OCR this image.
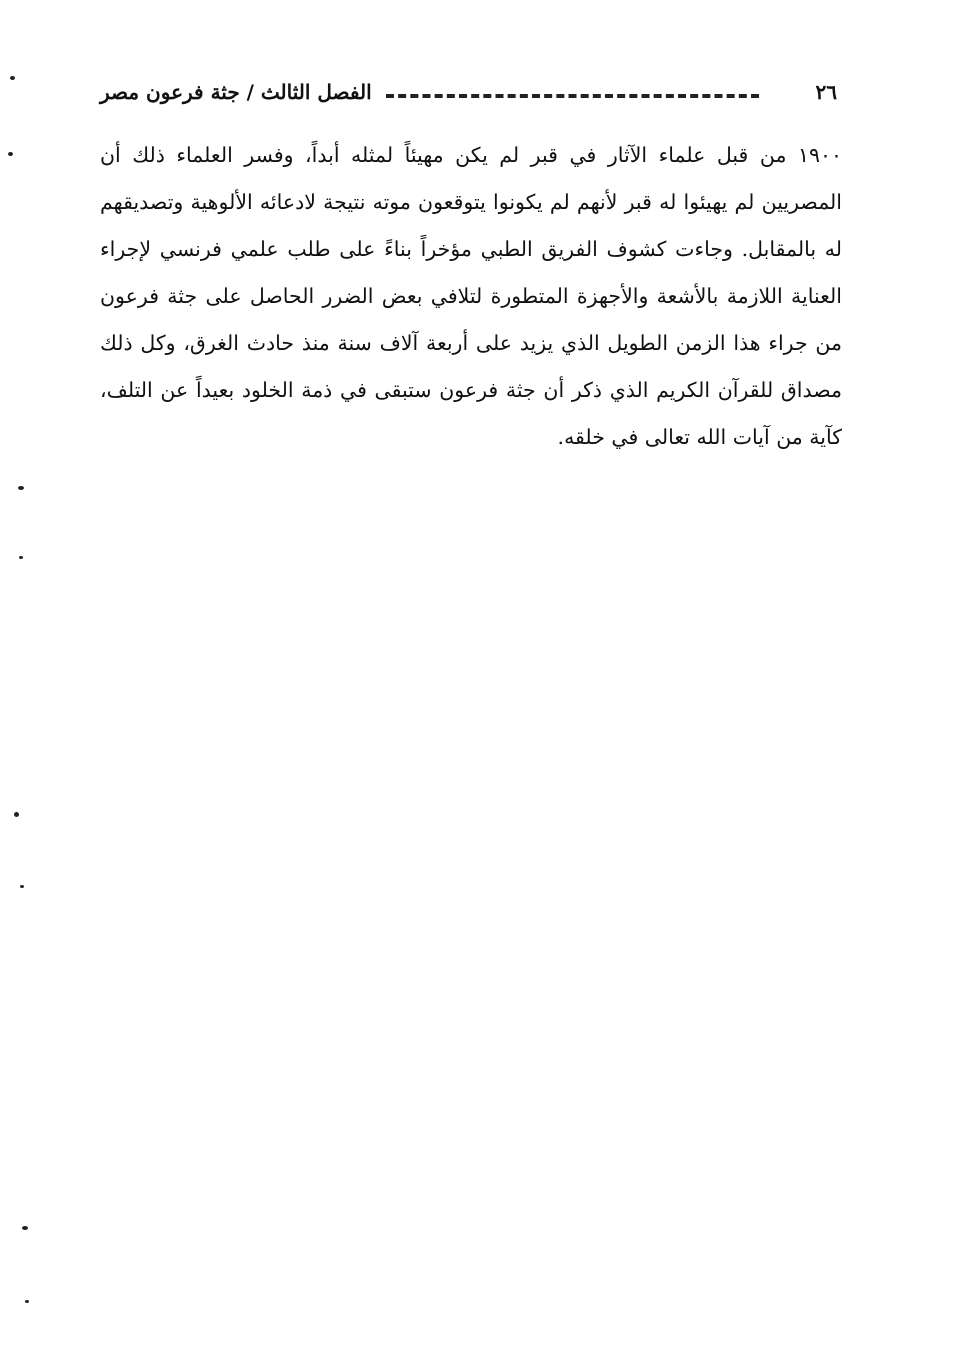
٢٦
الفصل الثالث / جثة فرعون مصر

١٩٠٠ من قبل علماء الآثار في قبر لم يكن مهيئاً لمثله أبداً، وفسر العلماء ذلك أن المصريين لم يهيئوا له قبر لأنهم لم يكونوا يتوقعون موته نتيجة لادعائه الألوهية وتصديقهم له بالمقابل. وجاءت كشوف الفريق الطبي مؤخراً بناءً على طلب علمي فرنسي لإجراء العناية اللازمة بالأشعة والأجهزة المتطورة لتلافي بعض الضرر الحاصل على جثة فرعون من جراء هذا الزمن الطويل الذي يزيد على أربعة آلاف سنة منذ حادث الغرق، وكل ذلك مصداق للقرآن الكريم الذي ذكر أن جثة فرعون ستبقى في ذمة الخلود بعيداً عن التلف، كآية من آيات الله تعالى في خلقه.
